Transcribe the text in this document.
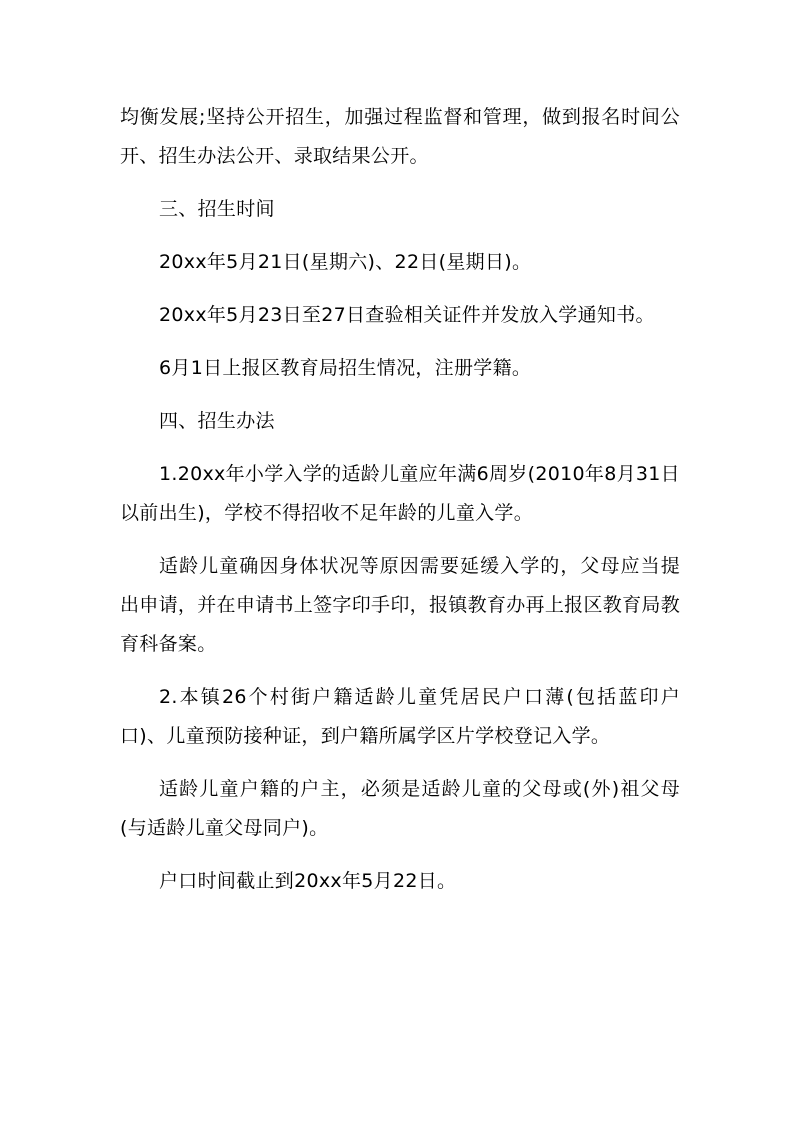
均衡发展;坚持公开招生，加强过程监督和管理，做到报名时间公开、招生办法公开、录取结果公开。

三、招生时间

20xx年5月21日(星期六)、22日(星期日)。

20xx年5月23日至27日查验相关证件并发放入学通知书。

6月1日上报区教育局招生情况，注册学籍。

四、招生办法

1.20xx年小学入学的适龄儿童应年满6周岁(2010年8月31日以前出生)，学校不得招收不足年龄的儿童入学。

适龄儿童确因身体状况等原因需要延缓入学的，父母应当提出申请，并在申请书上签字印手印，报镇教育办再上报区教育局教育科备案。

2.本镇26个村街户籍适龄儿童凭居民户口薄(包括蓝印户口)、儿童预防接种证，到户籍所属学区片学校登记入学。

适龄儿童户籍的户主，必须是适龄儿童的父母或(外)祖父母(与适龄儿童父母同户)。

户口时间截止到20xx年5月22日。
